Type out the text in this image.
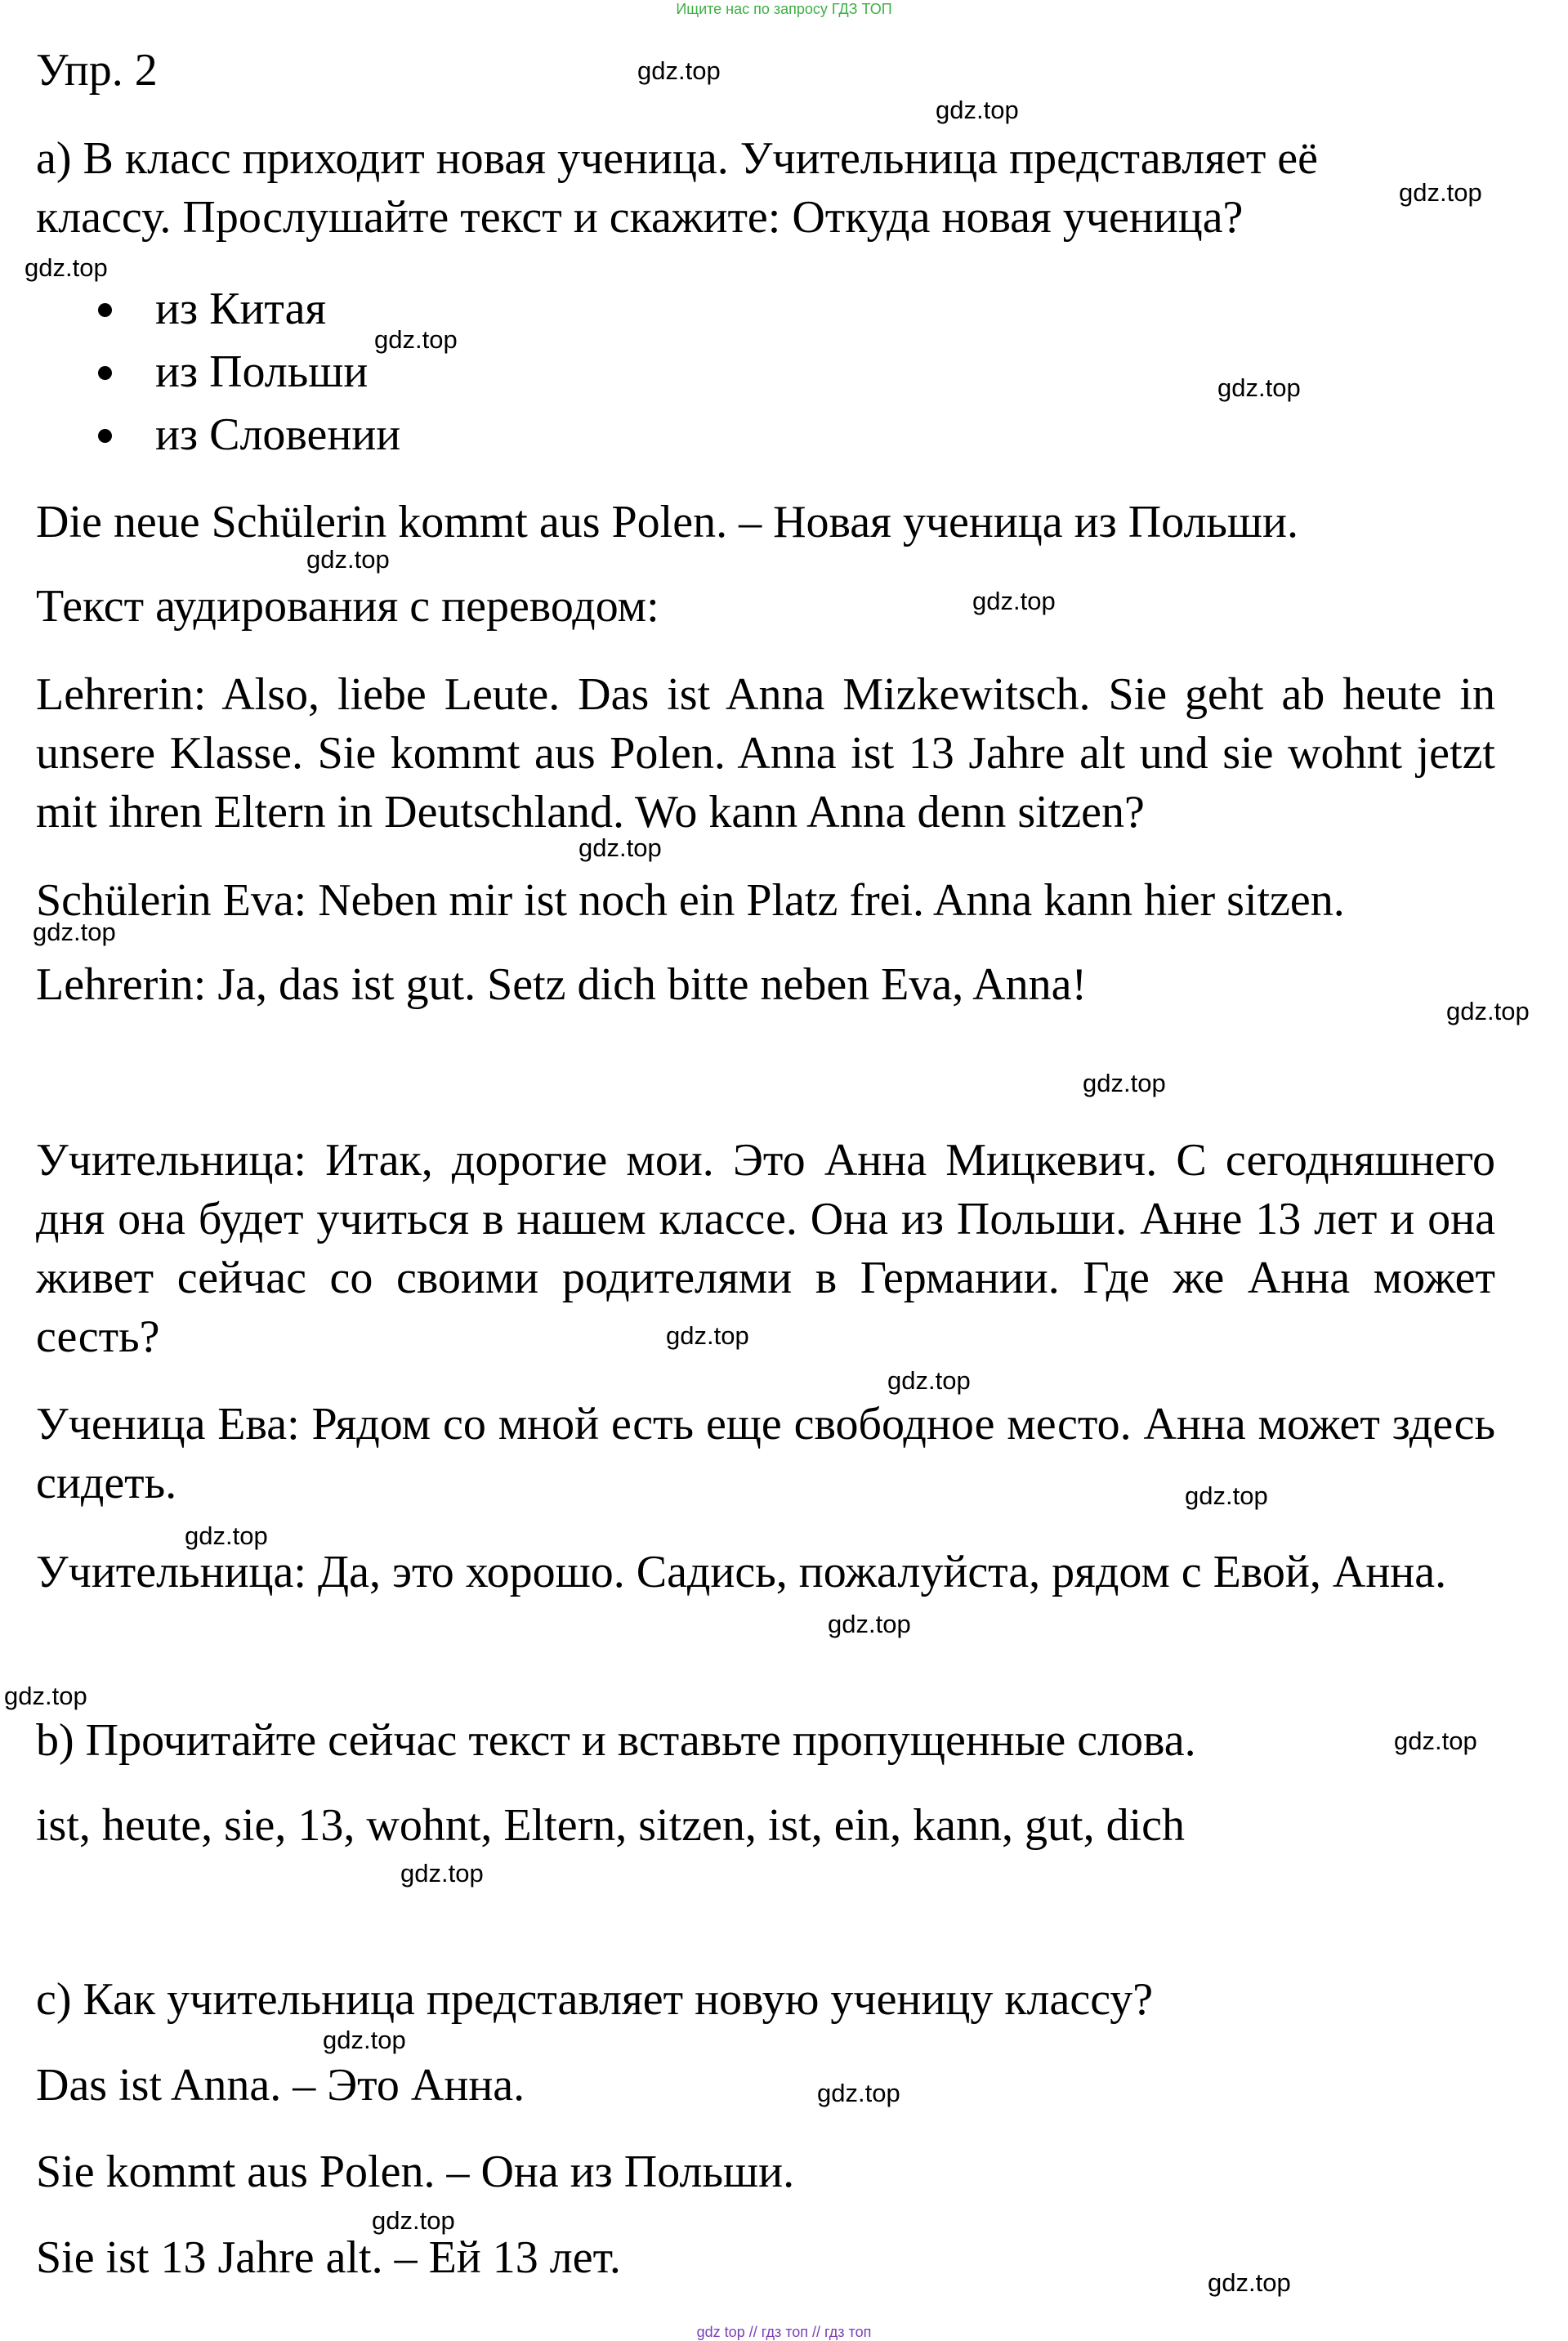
Ищите нас по запросу ГДЗ ТОП
Упр. 2
а) В класс приходит новая ученица. Учительница представляет её
классу. Прослушайте текст и скажите: Откуда новая ученица?
из Китая
из Польши
из Словении
Die neue Schülerin kommt aus Polen. – Новая ученица из Польши.
Текст аудирования с переводом:
Lehrerin: Also, liebe Leute. Das ist Anna Mizkewitsch. Sie geht ab heute in unsere Klasse. Sie kommt aus Polen. Anna ist 13 Jahre alt und sie wohnt jetzt mit ihren Eltern in Deutschland. Wo kann Anna denn sitzen?
Schülerin Eva: Neben mir ist noch ein Platz frei. Anna kann hier sitzen.
Lehrerin: Ja, das ist gut. Setz dich bitte neben Eva, Anna!
Учительница: Итак, дорогие мои. Это Анна Мицкевич. С сегодняшнего дня она будет учиться в нашем классе. Она из Польши. Анне 13 лет и она живет сейчас со своими родителями в Германии. Где же Анна может сесть?
Ученица Ева: Рядом со мной есть еще свободное место. Анна может здесь сидеть.
Учительница: Да, это хорошо. Садись, пожалуйста, рядом с Евой, Анна.
b) Прочитайте сейчас текст и вставьте пропущенные слова.
ist, heute, sie, 13, wohnt, Eltern, sitzen, ist, ein, kann, gut, dich
c) Как учительница представляет новую ученицу классу?
Das ist Anna. – Это Анна.
Sie kommt aus Polen. – Она из Польши.
Sie ist 13 Jahre alt. – Ей 13 лет.
gdz.top
gdz.top
gdz.top
gdz.top
gdz.top
gdz.top
gdz.top
gdz.top
gdz.top
gdz.top
gdz.top
gdz.top
gdz.top
gdz.top
gdz.top
gdz.top
gdz.top
gdz.top
gdz.top
gdz.top
gdz.top
gdz.top
gdz.top
gdz.top
gdz top // гдз топ // гдз топ
